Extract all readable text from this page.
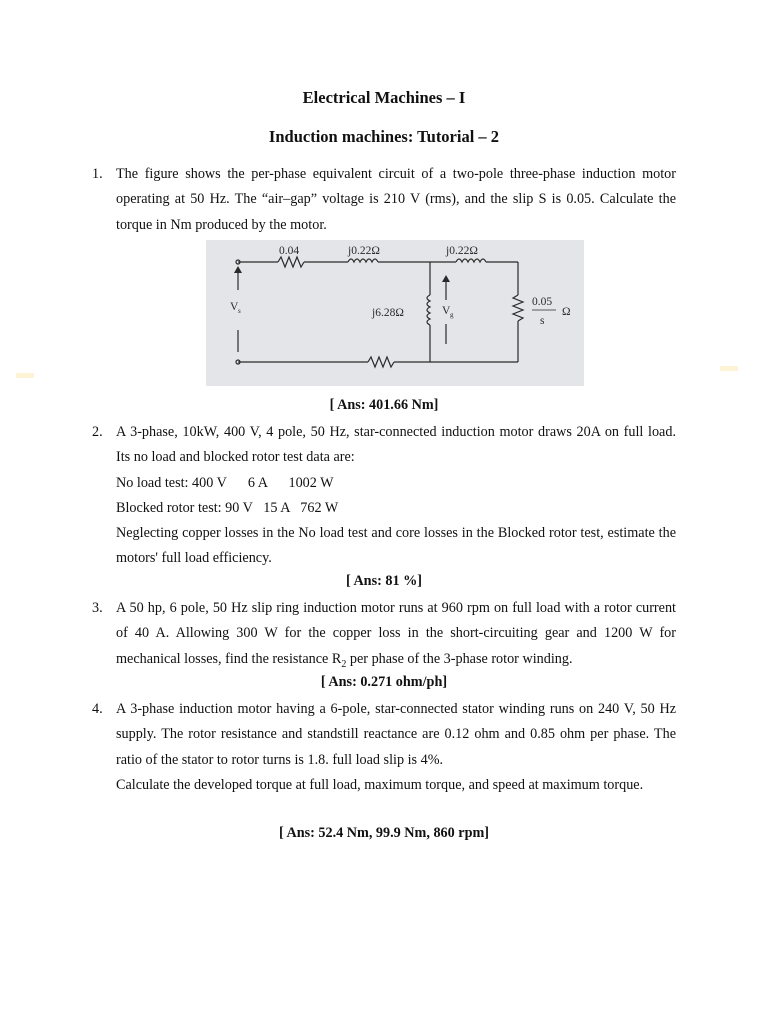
Electrical Machines – I
Induction machines: Tutorial – 2
1. The figure shows the per-phase equivalent circuit of a two-pole three-phase induction motor operating at 50 Hz. The “air–gap” voltage is 210 V (rms), and the slip S is 0.05. Calculate the torque in Nm produced by the motor.

0.04	j0.22Ω	j0.22Ω
j6.28Ω
V s	V g
0.05
s
Ω
[ Ans: 401.66 Nm]
2. A 3-phase, 10kW, 400 V, 4 pole, 50 Hz, star-connected induction motor draws 20A on full load. Its no load and blocked rotor test data are:

No load test: 400 V      6 A      1002 W

Blocked rotor test: 90 V   15 A   762 W

Neglecting copper losses in the No load test and core losses in the Blocked rotor test, estimate the motors' full load efficiency.

[ Ans: 81 %]
3. A 50 hp, 6 pole, 50 Hz slip ring induction motor runs at 960 rpm on full load with a rotor current of 40 A. Allowing 300 W for the copper loss in the short-circuiting gear and 1200 W for mechanical losses, find the resistance $R_2$ per phase of the 3-phase rotor winding.

[ Ans: 0.271 ohm/ph]
4. A 3-phase induction motor having a 6-pole, star-connected stator winding runs on 240 V, 50 Hz supply. The rotor resistance and standstill reactance are 0.12 ohm and 0.85 ohm per phase. The ratio of the stator to rotor turns is 1.8. full load slip is 4%.

Calculate the developed torque at full load, maximum torque, and speed at maximum torque.

[ Ans: 52.4 Nm, 99.9 Nm, 860 rpm]
